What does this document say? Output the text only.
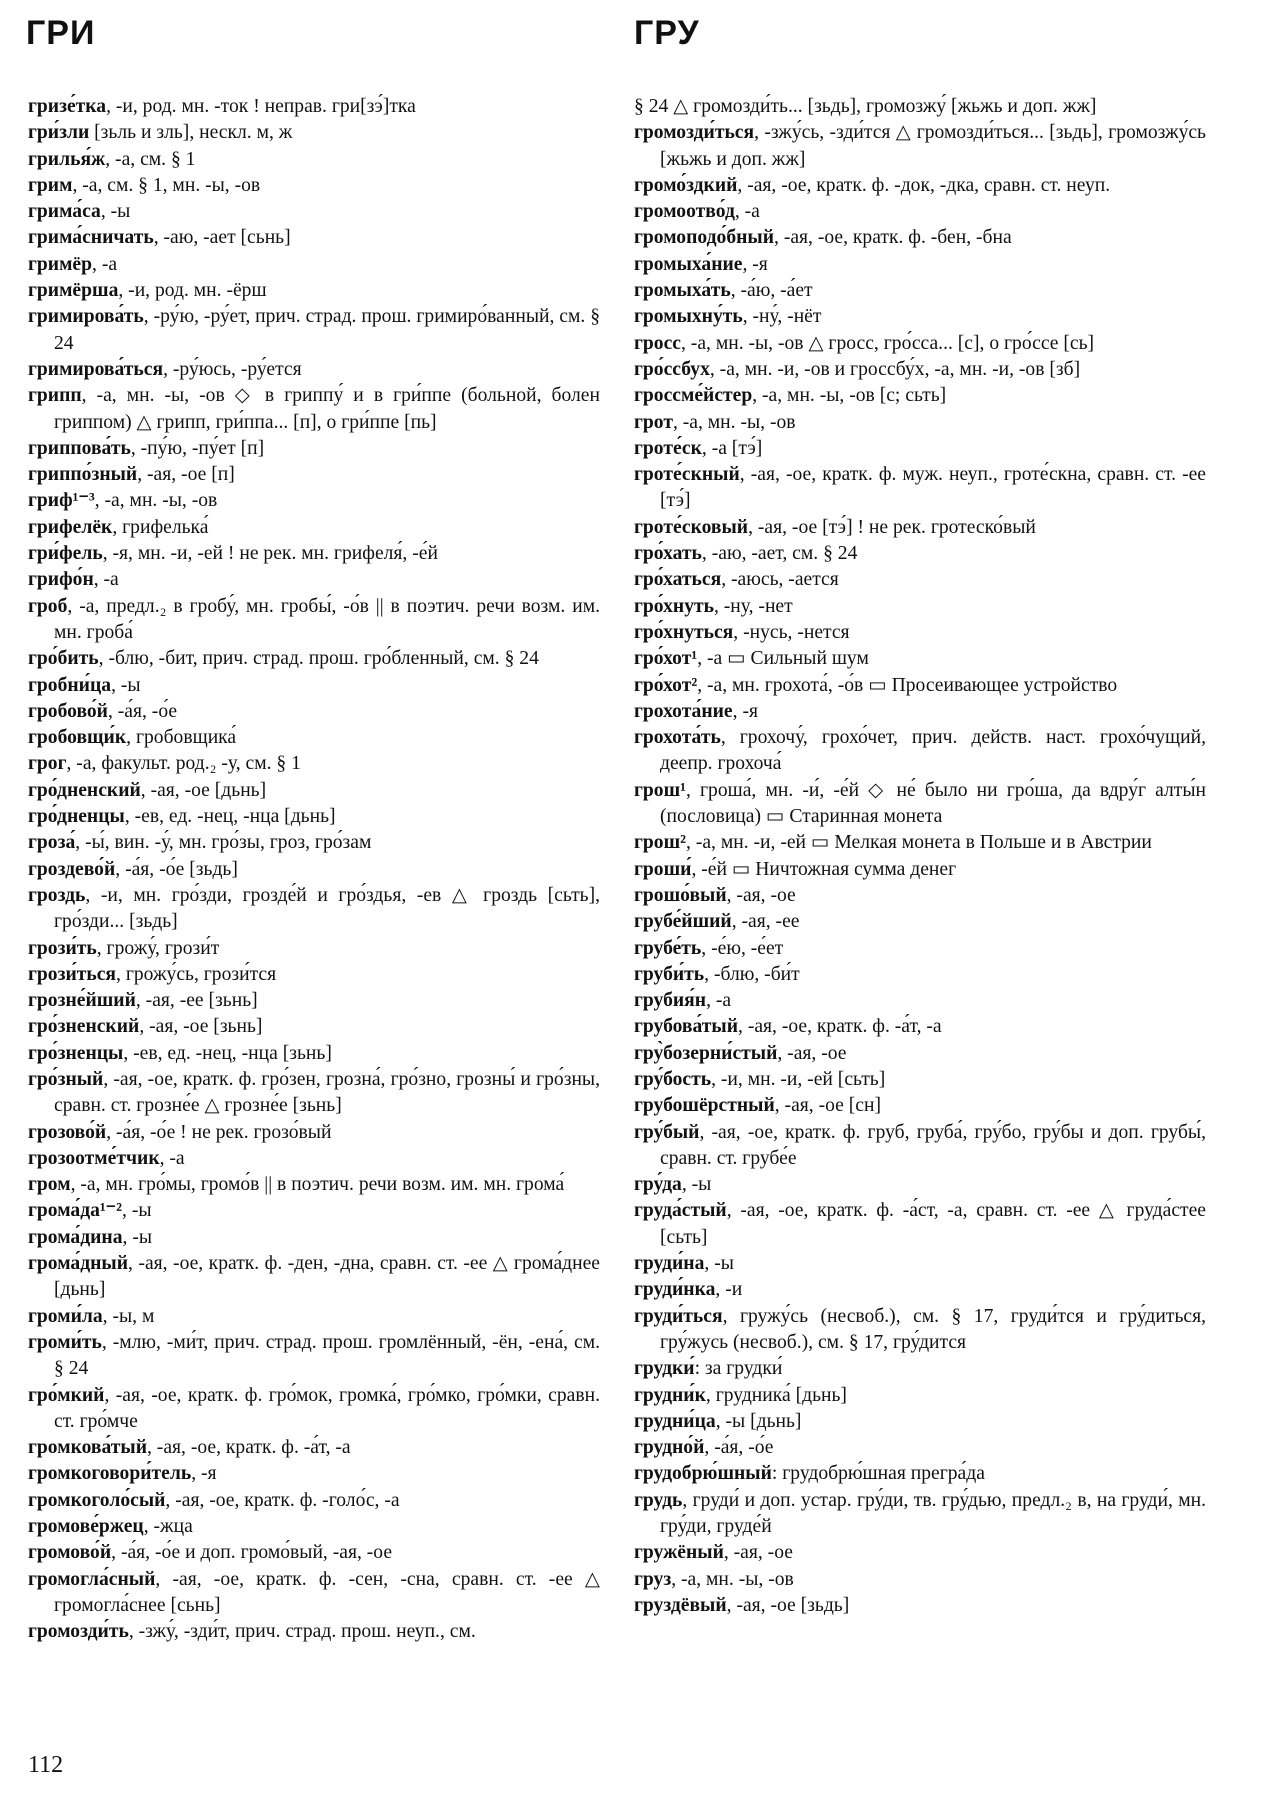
ГРИ	ГРУ

гризе́тка, -и, род. мн. -ток ! неправ. гри[зэ́]тка

гри́зли [зьль и зль], нескл. м, ж

грилья́ж, -а, см. § 1

грим, -а, см. § 1, мн. -ы, -ов

грима́са, -ы

грима́сничать, -аю, -ает [сьнь]

гримёр, -а

гримёрша, -и, род. мн. -ёрш

гримирова́ть, -ру́ю, -ру́ет, прич. страд. прош. гримиро́ванный, см. § 24

гримирова́ться, -ру́юсь, -ру́ется

грипп, -а, мн. -ы, -ов ◇ в гриппу́ и в гри́ппе (больной, болен гриппом) △ грипп, гри́ппа... [п], о гри́ппе [пь]

гриппова́ть, -пу́ю, -пу́ет [п]

гриппо́зный, -ая, -ое [п]

гриф¹⁻³, -а, мн. -ы, -ов

грифелёк, грифелька́

гри́фель, -я, мн. -и, -ей ! не рек. мн. грифеля́, -е́й

грифо́н, -а

гроб, -а, предл.₂ в гробу́, мн. гробы́, -о́в || в поэтич. речи возм. им. мн. гроба́

гро́бить, -блю, -бит, прич. страд. прош. гро́бленный, см. § 24

гробни́ца, -ы

гробово́й, -а́я, -о́е

гробовщи́к, гробовщика́

грог, -а, факульт. род.₂ -у, см. § 1

гро́дненский, -ая, -ое [дьнь]

гро́дненцы, -ев, ед. -нец, -нца [дьнь]

гроза́, -ы́, вин. -у́, мн. гро́зы, гроз, гро́зам

гроздево́й, -а́я, -о́е [зьдь]

гроздь, -и, мн. гро́зди, грозде́й и гро́здья, -ев △ гроздь [сьть], гро́зди... [зьдь]

грози́ть, грожу́, грози́т

грози́ться, грожу́сь, грози́тся

грозне́йший, -ая, -ее [зьнь]

гро́зненский, -ая, -ое [зьнь]

гро́зненцы, -ев, ед. -нец, -нца [зьнь]

гро́зный, -ая, -ое, кратк. ф. гро́зен, грозна́, гро́зно, грозны́ и гро́зны, сравн. ст. грозне́е △ грозне́е [зьнь]

грозово́й, -а́я, -о́е ! не рек. грозо́вый

грозоотме́тчик, -а

гром, -а, мн. гро́мы, громо́в || в поэтич. речи возм. им. мн. грома́

грома́да¹⁻², -ы

грома́дина, -ы

грома́дный, -ая, -ое, кратк. ф. -ден, -дна, сравн. ст. -ее △ грома́днее [дьнь]

громи́ла, -ы, м

громи́ть, -млю, -ми́т, прич. страд. прош. громлённый, -ён, -ена́, см. § 24

гро́мкий, -ая, -ое, кратк. ф. гро́мок, громка́, гро́мко, гро́мки, сравн. ст. гро́мче

громкова́тый, -ая, -ое, кратк. ф. -а́т, -а

громкоговори́тель, -я

громкоголо́сый, -ая, -ое, кратк. ф. -голо́с, -а

громове́ржец, -жца

громово́й, -а́я, -о́е и доп. громо́вый, -ая, -ое

громогла́сный, -ая, -ое, кратк. ф. -сен, -сна, сравн. ст. -ее △ громогла́снее [сьнь]

громозди́ть, -зжу́, -зди́т, прич. страд. прош. неуп., см.

§ 24 △ громозди́ть... [зьдь], громозжу́ [жьжь и доп. жж]

громозди́ться, -зжу́сь, -зди́тся △ громозди́ться... [зьдь], громозжу́сь [жьжь и доп. жж]

громо́здкий, -ая, -ое, кратк. ф. -док, -дка, сравн. ст. неуп.

громоотво́д, -а

громоподо́бный, -ая, -ое, кратк. ф. -бен, -бна

громыха́ние, -я

громыха́ть, -а́ю, -а́ет

громыхну́ть, -ну́, -нёт

гросс, -а, мн. -ы, -ов △ гросс, гро́сса... [с], о гро́ссе [сь]

гро́ссбух, -а, мн. -и, -ов и гроссбу́х, -а, мн. -и, -ов [зб]

гроссме́йстер, -а, мн. -ы, -ов [с; сьть]

грот, -а, мн. -ы, -ов

гроте́ск, -а [тэ́]

гроте́скный, -ая, -ое, кратк. ф. муж. неуп., гроте́скна, сравн. ст. -ее [тэ́]

гроте́сковый, -ая, -ое [тэ́] ! не рек. гротеско́вый

гро́хать, -аю, -ает, см. § 24

гро́хаться, -аюсь, -ается

гро́хнуть, -ну, -нет

гро́хнуться, -нусь, -нется

гро́хот¹, -а ▭ Сильный шум

гро́хот², -а, мн. грохота́, -о́в ▭ Просеивающее устройство

грохота́ние, -я

грохота́ть, грохочу́, грохо́чет, прич. действ. наст. грохо́чущий, деепр. грохоча́

грош¹, гроша́, мн. -и́, -е́й ◇ не́ было ни гро́ша, да вдру́г алты́н (пословица) ▭ Старинная монета

грош², -а, мн. -и, -ей ▭ Мелкая монета в Польше и в Австрии

гроши́, -е́й ▭ Ничтожная сумма денег

грошо́вый, -ая, -ое

грубе́йший, -ая, -ее

грубе́ть, -е́ю, -е́ет

груби́ть, -блю, -би́т

грубия́н, -а

грубова́тый, -ая, -ое, кратк. ф. -а́т, -а

гру̀бозерни́стый, -ая, -ое

гру́бость, -и, мн. -и, -ей [сьть]

грубошёрстный, -ая, -ое [сн]

гру́бый, -ая, -ое, кратк. ф. груб, груба́, гру́бо, гру́бы и доп. грубы́, сравн. ст. грубе́е

гру́да, -ы

груда́стый, -ая, -ое, кратк. ф. -а́ст, -а, сравн. ст. -ее △ груда́стее [сьть]

груди́на, -ы

груди́нка, -и

груди́ться, гружу́сь (несвоб.), см. § 17, груди́тся и гру́диться, гру́жусь (несвоб.), см. § 17, гру́дится

грудки́: за грудки́

грудни́к, грудника́ [дьнь]

грудни́ца, -ы [дьнь]

грудно́й, -а́я, -о́е

грудобрю́шный: грудобрю́шная прегра́да

грудь, груди́ и доп. устар. гру́ди, тв. гру́дью, предл.₂ в, на груди́, мн. гру́ди, груде́й

гружёный, -ая, -ое

груз, -а, мн. -ы, -ов

груздёвый, -ая, -ое [зьдь]

112
